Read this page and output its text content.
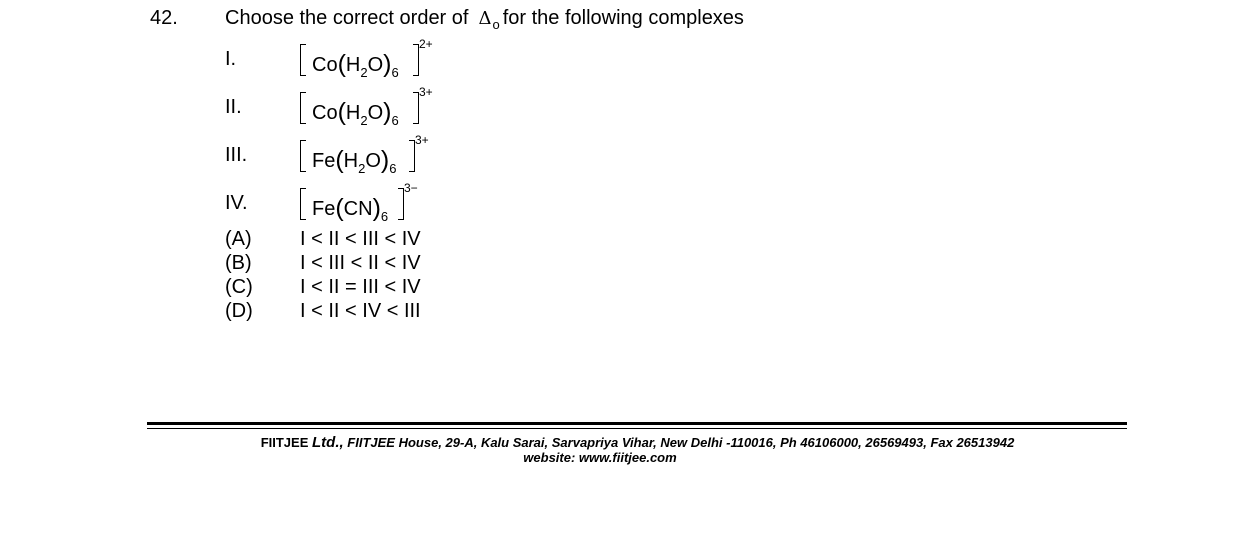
42. Choose the correct order of $\Delta_o$ for the following complexes
I.	$Co(H_2O)_6$
2+
II.	$Co(H_2O)_6$
3+
III.	$Fe(H_2O)_6$
3+
IV.	$Fe(CN)_6$
3−
(A) I < II < III < IV
(B) I < III < II < IV
(C) I < II = III < IV
(D) I < II < IV < III
FIITJEE Ltd., FIITJEE House, 29-A, Kalu Sarai, Sarvapriya Vihar, New Delhi -110016, Ph 46106000, 26569493, Fax 26513942
website: www.fiitjee.com
